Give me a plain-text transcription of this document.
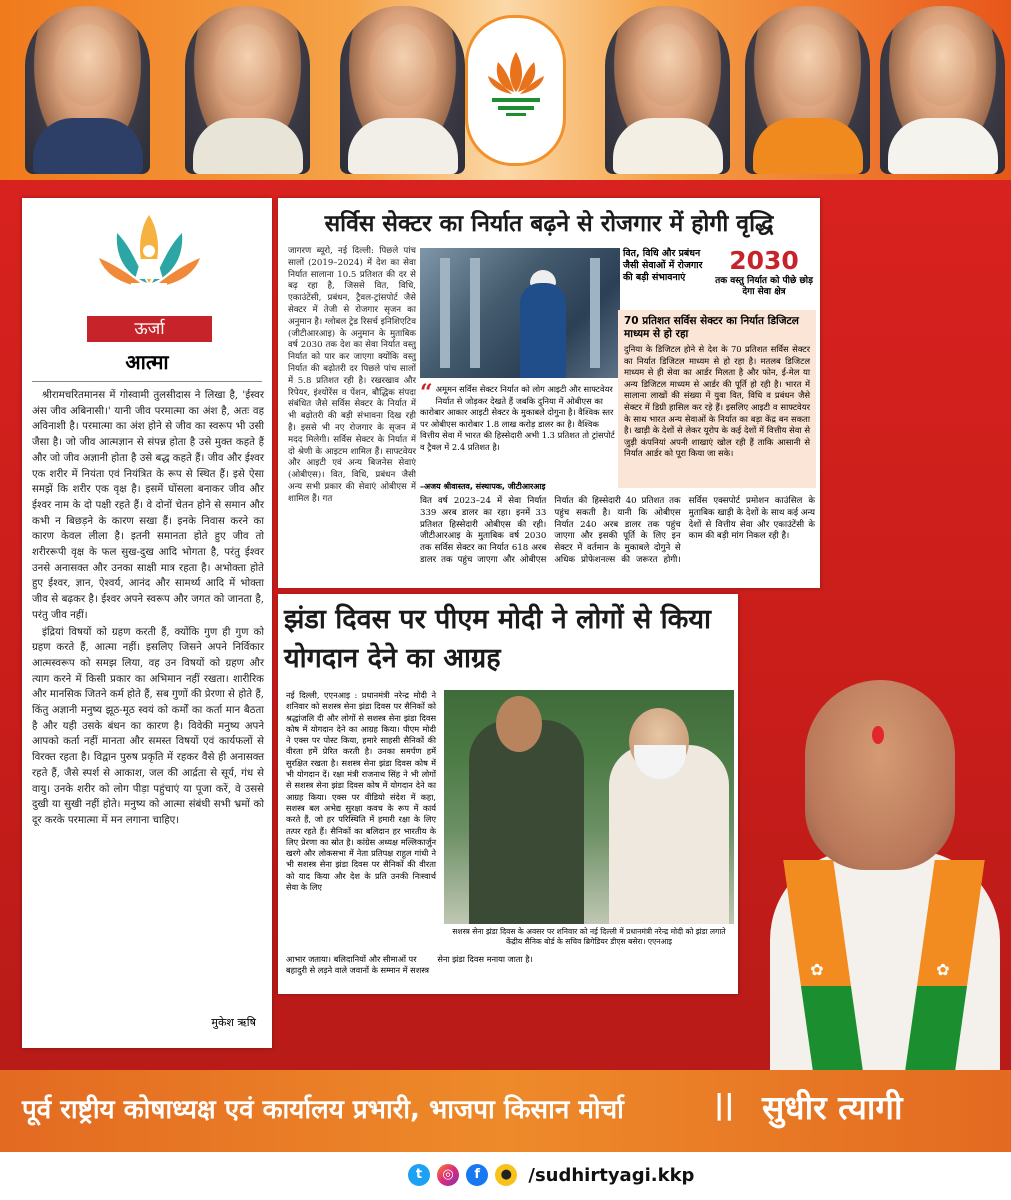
ऊर्जा
आत्मा

श्रीरामचरितमानस में गोस्वामी तुलसीदास ने लिखा है, 'ईस्वर अंस जीव अबिनासी।' यानी जीव परमात्मा का अंश है, अतः वह अविनाशी है। परमात्मा का अंश होने से जीव का स्वरूप भी उसी जैसा है। जो जीव आत्मज्ञान से संपन्न होता है उसे मुक्त कहते हैं और जो जीव अज्ञानी होता है उसे बद्ध कहते हैं। जीव और ईश्वर एक शरीर में नियंता एवं नियंत्रित के रूप से स्थित हैं। इसे ऐसा समझें कि शरीर एक वृक्ष है। इसमें घोंसला बनाकर जीव और ईश्वर नाम के दो पक्षी रहते हैं। वे दोनों चेतन होने से समान और कभी न बिछड़ने के कारण सखा हैं। इनके निवास करने का कारण केवल लीला है। इतनी समानता होते हुए जीव तो शरीररूपी वृक्ष के फल सुख-दुख आदि भोगता है, परंतु ईश्वर उनसे अनासक्त और उनका साक्षी मात्र रहता है। अभोक्ता होते हुए ईश्वर, ज्ञान, ऐश्वर्य, आनंद और सामर्थ्य आदि में भोक्ता जीव से बढ़कर है। ईश्वर अपने स्वरूप और जगत को जानता है, परंतु जीव नहीं।

इंद्रियां विषयों को ग्रहण करती हैं, क्योंकि गुण ही गुण को ग्रहण करते हैं, आत्मा नहीं। इसलिए जिसने अपने निर्विकार आत्मस्वरूप को समझ लिया, वह उन विषयों को ग्रहण और त्याग करने में किसी प्रकार का अभिमान नहीं रखता। शारीरिक और मानसिक जितने कर्म होते हैं, सब गुणों की प्रेरणा से होते हैं, किंतु अज्ञानी मनुष्य झूठ-मूठ स्वयं को कर्मों का कर्ता मान बैठता है और यही उसके बंधन का कारण है। विवेकी मनुष्य अपने आपको कर्ता नहीं मानता और समस्त विषयों एवं कार्यफलों से विरक्त रहता है। विद्वान पुरुष प्रकृति में रहकर वैसे ही अनासक्त रहते हैं, जैसे स्पर्श से आकाश, जल की आर्द्रता से सूर्य, गंध से वायु। उनके शरीर को लोग पीड़ा पहुंचाएं या पूजा करें, वे उससे दुखी या सुखी नहीं होते। मनुष्य को आत्मा संबंधी सभी भ्रमों को दूर करके परमात्मा में मन लगाना चाहिए।

मुकेश ऋषि
सर्विस सेक्टर का निर्यात बढ़ने से रोजगार में होगी वृद्धि
जागरण ब्यूरो, नई दिल्ली: पिछले पांच सालों (2019–2024) में देश का सेवा निर्यात सालाना 10.5 प्रतिशत की दर से बढ़ रहा है, जिससे वित, विधि, एकाउंटेंसी, प्रबंधन, ट्रैवल-ट्रांसपोर्ट जैसे सेक्टर में तेजी से रोजगार सृजन का अनुमान है। ग्लोबल ट्रेड रिसर्च इनिशिएटिव (जीटीआरआइ) के अनुमान के मुताबिक वर्ष 2030 तक देश का सेवा निर्यात वस्तु निर्यात को पार कर जाएगा क्योंकि वस्तु निर्यात की बढ़ोतरी दर पिछले पांच सालों में 5.8 प्रतिशत रही है। रखरखाव और रिपेयर, इंश्योरेंस व पेंशन, बौद्धिक संपदा संबंधित जैसे सर्विस सेक्टर के निर्यात में भी बढ़ोतरी की बड़ी संभावना दिख रही है। इससे भी नए रोजगार के सृजन में मदद मिलेगी। सर्विस सेक्टर के निर्यात में दो श्रेणी के आइटम शामिल हैं। साफ्टवेयर और आइटी एवं अन्य बिजनेस सेवाएं (ओबीएस)। वित, विधि, प्रबंधन जैसी अन्य सभी प्रकार की सेवाएं ओबीएस में शामिल हैं। गत
वित, विधि और प्रबंधन जैसी सेवाओं में रोजगार की बड़ी संभावनाएं
2030
तक वस्तु निर्यात को पीछे छोड़ देगा सेवा क्षेत्र
70 प्रतिशत सर्विस सेक्टर का निर्यात डिजिटल माध्यम से हो रहा
दुनिया के डिजिटल होने से देश के 70 प्रतिशत सर्विस सेक्टर का निर्यात डिजिटल माध्यम से हो रहा है। मतलब डिजिटल माध्यम से ही सेवा का आर्डर मिलता है और फोन, ई-मेल या अन्य डिजिटल माध्यम से आर्डर की पूर्ति हो रही है। भारत में सालाना लाखों की संख्या में युवा वित, विधि व प्रबंधन जैसे सेक्टर में डिग्री हासिल कर रहे हैं। इसलिए आइटी व साफ्टवेयर के साथ भारत अन्य सेवाओं के निर्यात का बड़ा केंद्र बन सकता है। खाड़ी के देशों से लेकर यूरोप के कई देशों में वित्तीय सेवा से जुड़ी कंपनियां अपनी शाखाएं खोल रही हैं ताकि आसानी से निर्यात आर्डर को पूरा किया जा सके।
“ अमूमन सर्विस सेक्टर निर्यात को लोग आइटी और साफ्टवेयर निर्यात से जोड़कर देखते हैं जबकि दुनिया में ओबीएस का कारोबार आकार आइटी सेक्टर के मुकाबले दोगुना है। वैश्विक स्तर पर ओबीएस कारोबार 1.8 लाख करोड़ डालर का है। वैश्विक वित्तीय सेवा में भारत की हिस्सेदारी अभी 1.3 प्रतिशत तो ट्रांसपोर्ट व ट्रैवल में 2.4 प्रतिशत है।
–अजय श्रीवास्तव, संस्थापक, जीटीआरआइ
वित वर्ष 2023–24 में सेवा निर्यात 339 अरब डालर का रहा। इनमें 33 प्रतिशत हिस्सेदारी ओबीएस की रही। जीटीआरआइ के मुताबिक वर्ष 2030 तक सर्विस सेक्टर का निर्यात 618 अरब डालर तक पहुंच जाएगा और ओबीएस निर्यात की हिस्सेदारी 40 प्रतिशत तक पहुंच सकती है। यानी कि ओबीएस निर्यात 240 अरब डालर तक पहुंच जाएगा और इसकी पूर्ति के लिए इन सेक्टर में वर्तमान के मुकाबले दोगुने से अधिक प्रोफेशनल्स की जरूरत होगी। सर्विस एक्सपोर्ट प्रमोशन काउंसिल के मुताबिक खाड़ी के देशों के साथ कई अन्य देशों से वित्तीय सेवा और एकाउंटेंसी के काम की बड़ी मांग निकल रही है।
झंडा दिवस पर पीएम मोदी ने लोगों से किया योगदान देने का आग्रह
नई दिल्ली, एएनआइ : प्रधानमंत्री नरेन्द्र मोदी ने शनिवार को सशस्त्र सेना झंडा दिवस पर सैनिकों को श्रद्धांजलि दी और लोगों से सशस्त्र सेना झंडा दिवस कोष में योगदान देने का आग्रह किया। पीएम मोदी ने एक्स पर पोस्ट किया, हमारे साहसी सैनिकों की वीरता हमें प्रेरित करती है। उनका समर्पण हमें सुरक्षित रखता है। सशस्त्र सेना झंडा दिवस कोष में भी योगदान दें। रक्षा मंत्री राजनाथ सिंह ने भी लोगों से सशस्त्र सेना झंडा दिवस कोष में योगदान देने का आग्रह किया। एक्स पर वीडियो संदेश में कहा, सशस्त्र बल अभेद्य सुरक्षा कवच के रूप में कार्य करते हैं, जो हर परिस्थिति में हमारी रक्षा के लिए तत्पर रहते हैं। सैनिकों का बलिदान हर भारतीय के लिए प्रेरणा का स्रोत है। कांग्रेस अध्यक्ष मल्लिकार्जुन खरगे और लोकसभा में नेता प्रतिपक्ष राहुल गांधी ने भी सशस्त्र सेना झंडा दिवस पर सैनिकों की वीरता को याद किया और देश के प्रति उनकी निःस्वार्थ सेवा के लिए
सशस्त्र सेना झंडा दिवस के अवसर पर शनिवार को नई दिल्ली में प्रधानमंत्री नरेन्द्र मोदी को झंडा लगाते केंद्रीय सैनिक बोर्ड के सचिव ब्रिगेडियर डीएस बसेरा। एएनआइ
आभार जताया। बलिदानियों और सीमाओं पर बहादुरी से लड़ने वाले जवानों के सम्मान में सशस्त्र सेना झंडा दिवस मनाया जाता है।
✿	✿
पूर्व राष्ट्रीय कोषाध्यक्ष एवं कार्यालय प्रभारी, भाजपा किसान मोर्चा	|| सुधीर त्यागी
t ◎ f ● /sudhirtyagi.kkp
